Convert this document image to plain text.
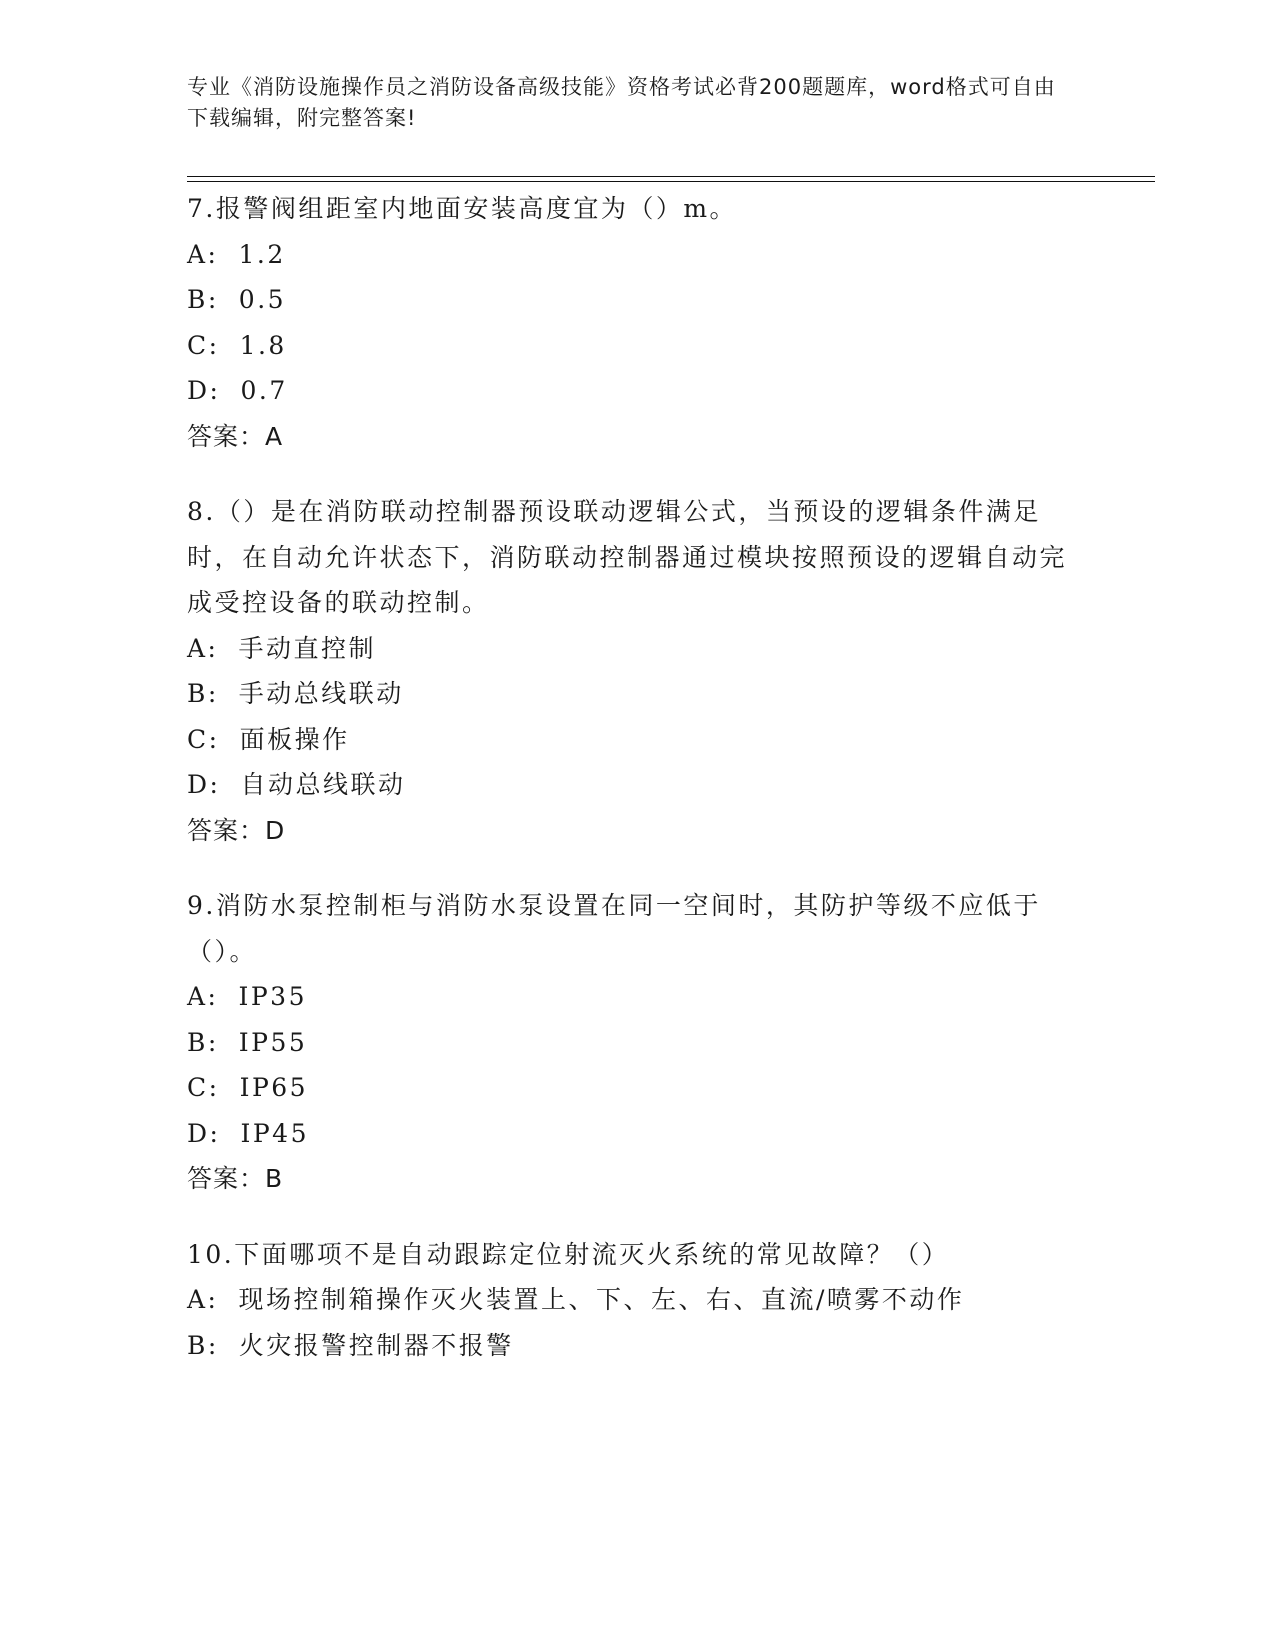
专业《消防设施操作员之消防设备高级技能》资格考试必背200题题库，word格式可自由下载编辑，附完整答案!

7.报警阀组距室内地面安装高度宜为（）m。

A: 1.2

B: 0.5

C: 1.8

D: 0.7

答案：A

8.（）是在消防联动控制器预设联动逻辑公式，当预设的逻辑条件满足时，在自动允许状态下，消防联动控制器通过模块按照预设的逻辑自动完成受控设备的联动控制。

A: 手动直控制

B: 手动总线联动

C: 面板操作

D: 自动总线联动

答案：D

9.消防水泵控制柜与消防水泵设置在同一空间时，其防护等级不应低于（）。

A: IP35

B: IP55

C: IP65

D: IP45

答案：B

10.下面哪项不是自动跟踪定位射流灭火系统的常见故障？（）

A: 现场控制箱操作灭火装置上、下、左、右、直流/喷雾不动作

B: 火灾报警控制器不报警
